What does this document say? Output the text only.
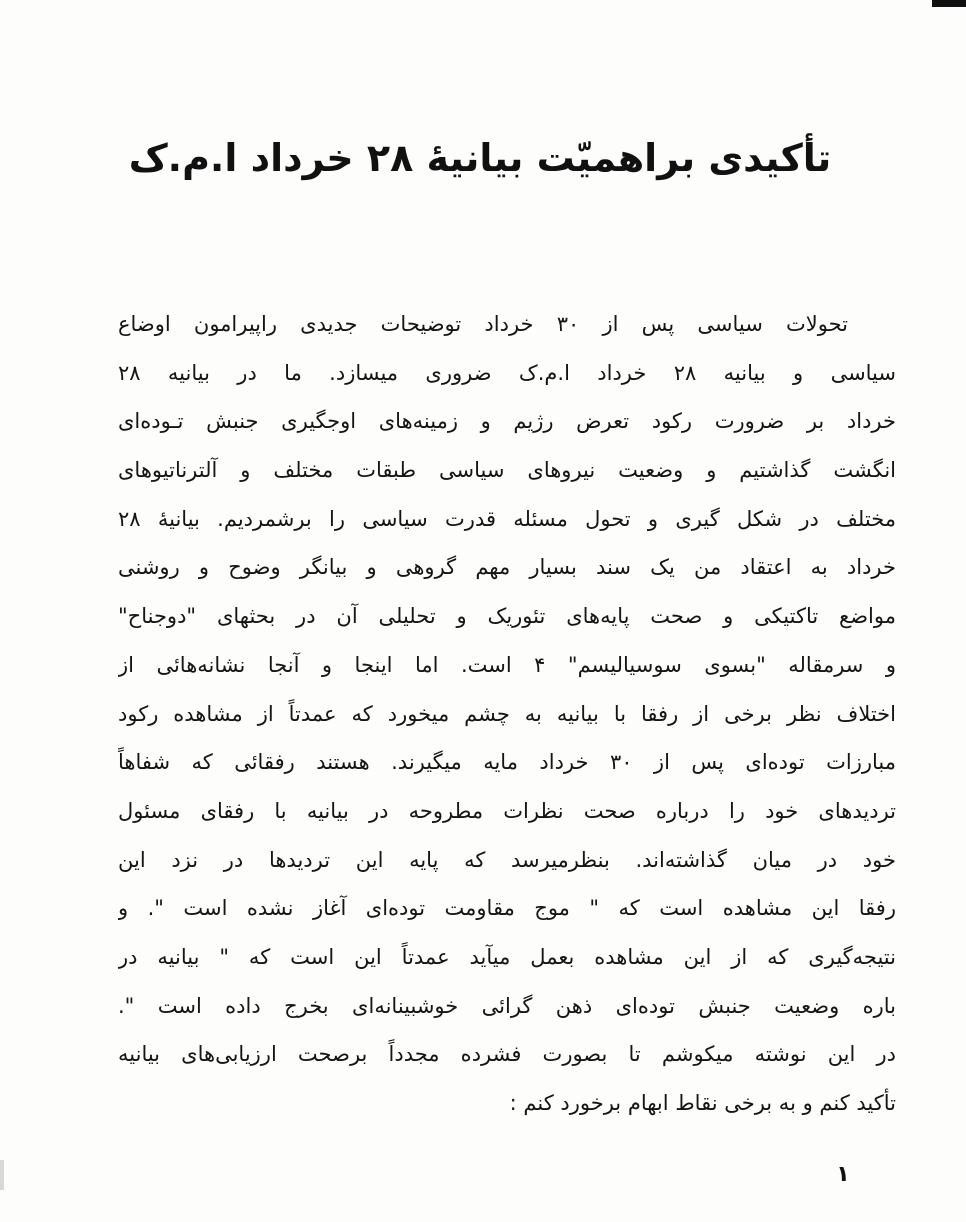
تأکیدی براهمیّت بیانیهٔ ۲۸ خرداد ا.م.ک
تحولات سیاسی پس از ۳۰ خرداد توضیحات جدیدی راپیرامون اوضاع
سیاسی و بیانیه ۲۸ خرداد ا.م.ک ضروری میسازد. ما در بیانیه ۲۸
خرداد بر ضرورت رکود تعرض رژیم و زمینه‌های اوجگیری جنبش تـوده‌ای
انگشت گذاشتیم و وضعیت نیروهای سیاسی طبقات مختلف و آلترناتیوهای
مختلف در شکل گیری و تحول مسئله قدرت سیاسی را برشمردیم. بیانیهٔ ۲۸
خرداد به اعتقاد من یک سند بسیار مهم گروهی و بیانگر وضوح و روشنی
مواضع تاکتیکی و صحت پایه‌های تئوریک و تحلیلی آن در بحثهای "دوجناح"
و سرمقاله "بسوی سوسیالیسم" ۴ است. اما اینجا و آنجا نشانه‌هائی از
اختلاف نظر برخی از رفقا با بیانیه به چشم میخورد که عمدتاً از مشاهده رکود
مبارزات توده‌ای پس از ۳۰ خرداد مایه میگیرند. هستند رفقائی که شفاهاً
تردیدهای خود را درباره صحت نظرات مطروحه در بیانیه با رفقای مسئول
خود در میان گذاشته‌اند. بنظرمیرسد که پایه این تردیدها در نزد این
رفقا این مشاهده است که " موج مقاومت توده‌ای آغاز نشده است ". و
نتیجه‌گیری که از این مشاهده بعمل میآید عمدتاً این است که " بیانیه در
باره وضعیت جنبش توده‌ای ذهن گرائی خوشبینانه‌ای بخرج داده است ".
در این نوشته میکوشم تا بصورت فشرده مجدداً برصحت ارزیابی‌های بیانیه
تأکید کنم و به برخی نقاط ابهام برخورد کنم :
۱
